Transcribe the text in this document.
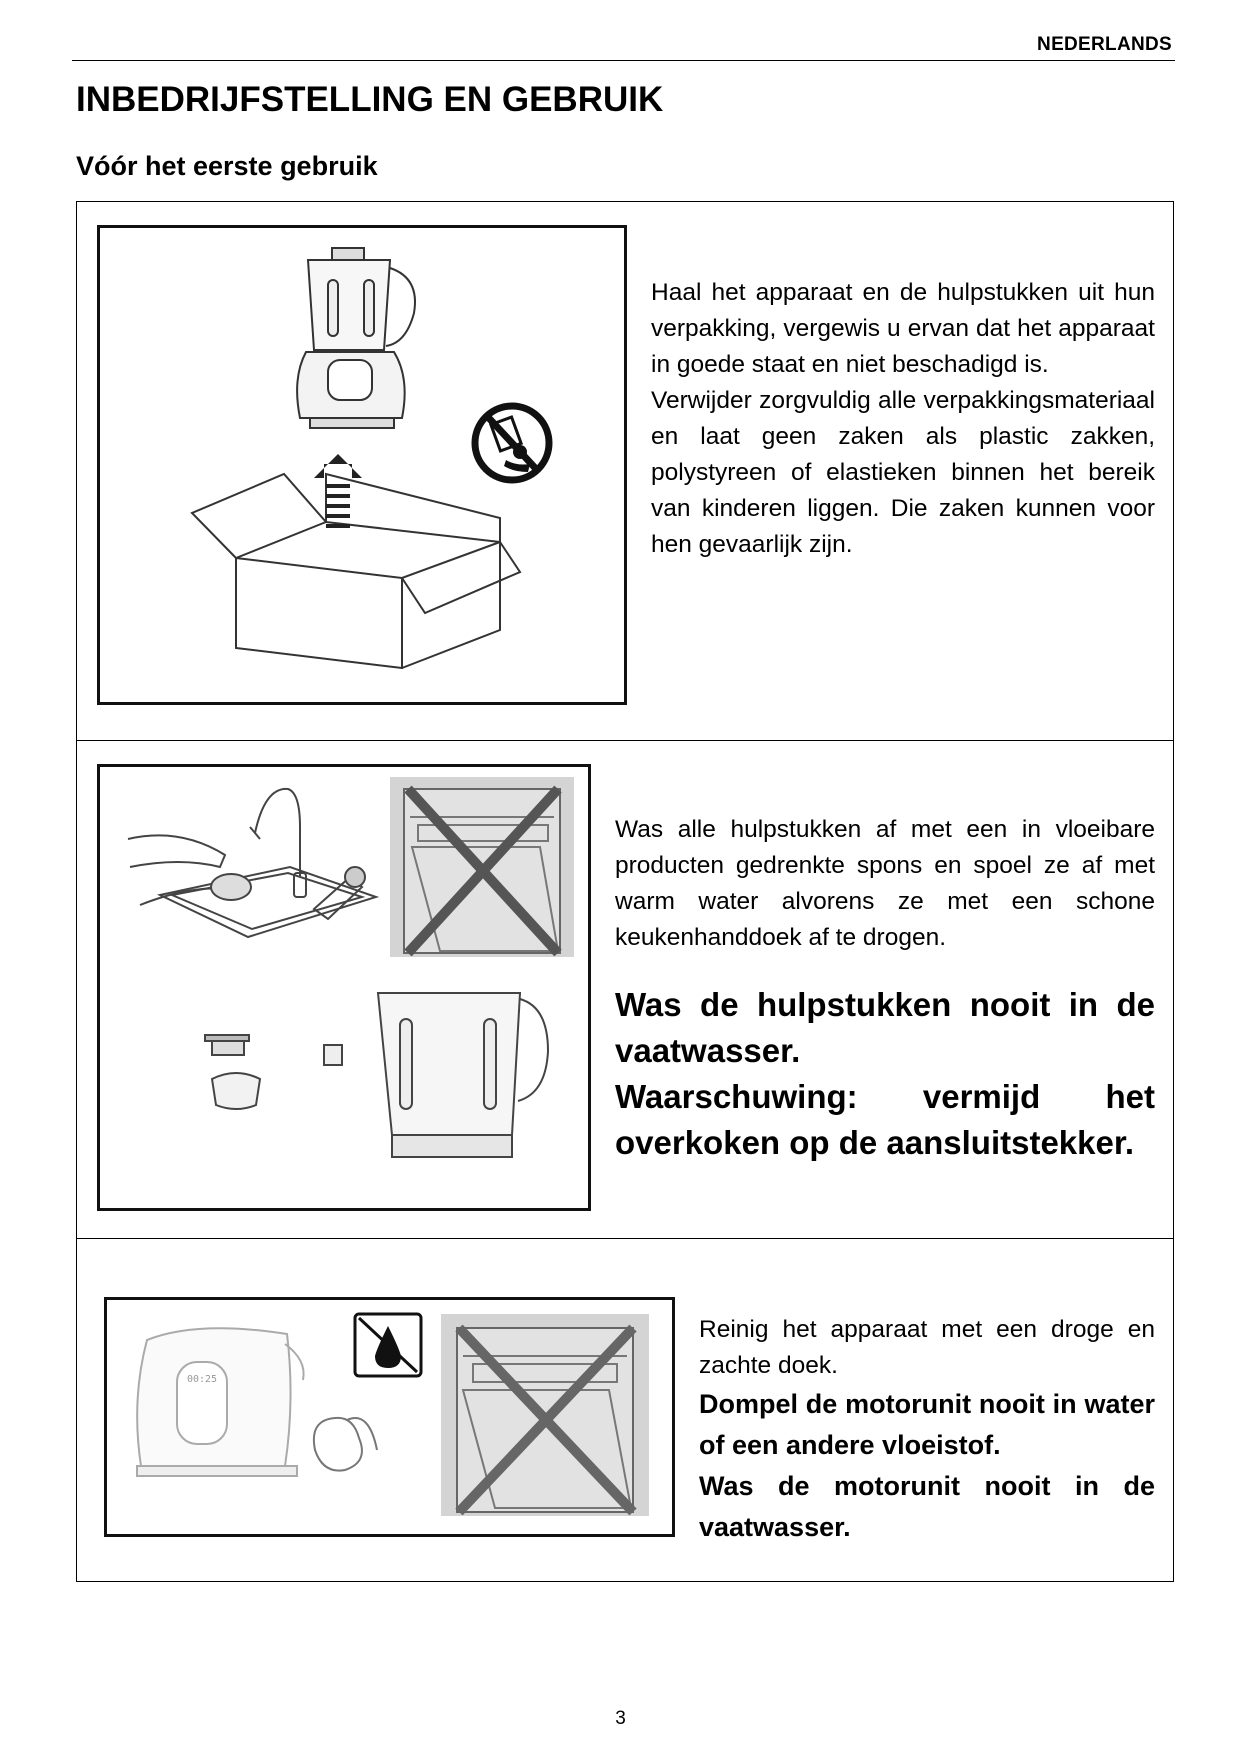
NEDERLANDS
INBEDRIJFSTELLING EN GEBRUIK
Vóór het eerste gebruik

Haal het apparaat en de hulpstukken uit hun verpakking, vergewis u ervan dat het apparaat in goede staat en niet beschadigd is.

Verwijder zorgvuldig alle verpakkingsmateriaal en laat geen zaken als plastic zakken, polystyreen of elastieken binnen het bereik van kinderen liggen. Die zaken kunnen voor hen gevaarlijk zijn.

Was alle hulpstukken af met een in vloeibare producten gedrenkte spons en spoel ze af met warm water alvorens ze met een schone keukenhanddoek af te drogen.

Was de hulpstukken nooit in de vaatwasser.

Waarschuwing: vermijd het overkoken op de aansluitstekker.

00:25

Reinig het apparaat met een droge en zachte doek.

Dompel de motorunit nooit in water of een andere vloeistof.

Was de motorunit nooit in de vaatwasser.

3
